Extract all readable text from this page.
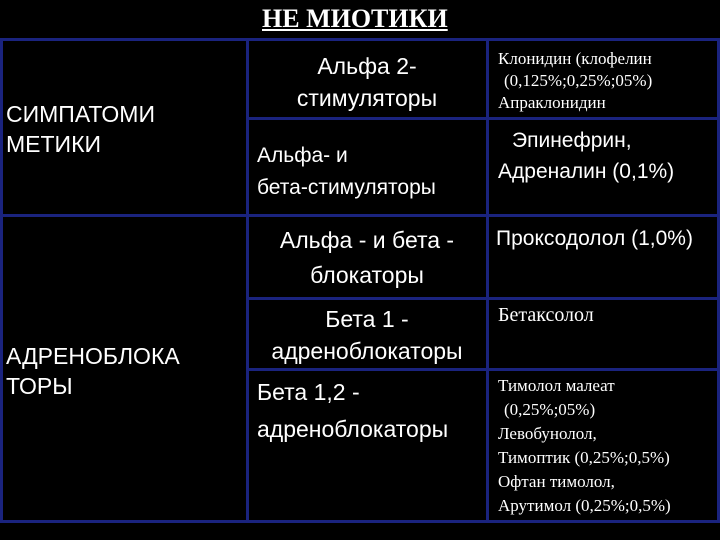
НЕ МИОТИКИ
СИМПАТОМИ
МЕТИКИ
АДРЕНОБЛОКА
ТОРЫ
Альфа 2-
стимуляторы
Клонидин (клофелин
(0,125%;0,25%;05%)
Апраклонидин
Альфа- и
бета-стимуляторы
Эпинефрин,
Адреналин (0,1%)
Альфа - и бета -
блокаторы
Проксодолол (1,0%)
Бета 1 -
адреноблокаторы
Бетаксолол
Бета 1,2 -
адреноблокаторы
Тимолол малеат
(0,25%;05%)
Левобунолол,
Тимоптик (0,25%;0,5%)
Офтан тимолол,
Арутимол (0,25%;0,5%)
